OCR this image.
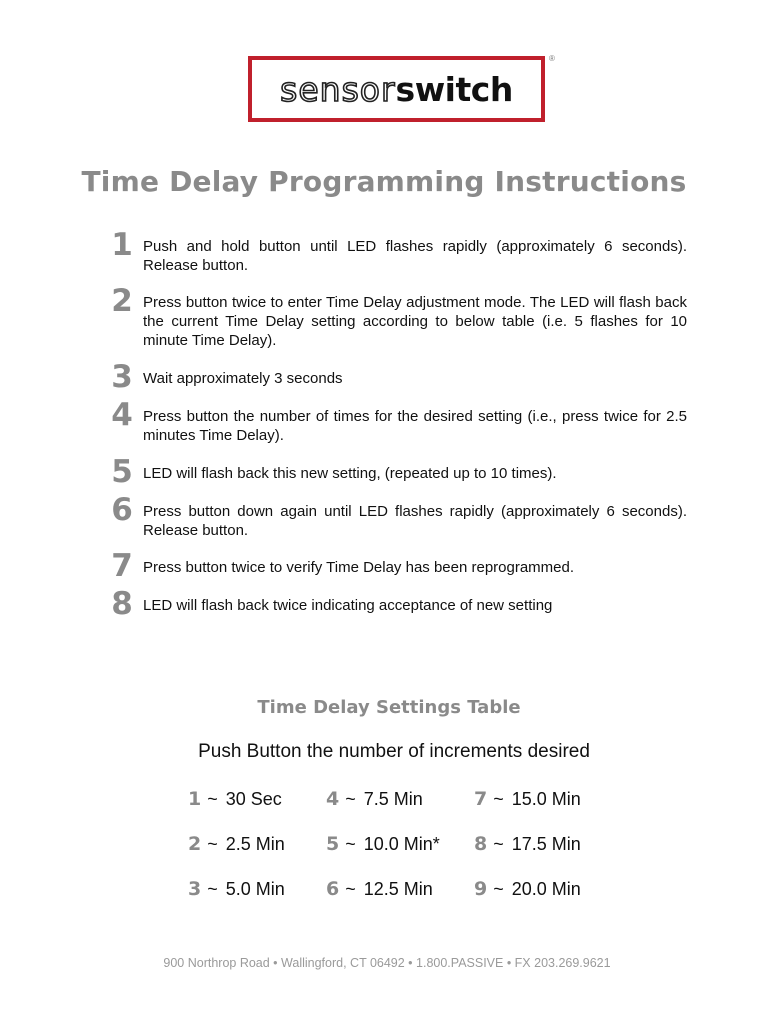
sensorswitch
®
Time Delay Programming Instructions
1 Push and hold button until LED flashes rapidly (approximately 6 seconds). Release button.
2 Press button twice to enter Time Delay adjustment mode. The LED will flash back the current Time Delay setting according to below table (i.e. 5 flashes for 10 minute Time Delay).
3 Wait approximately 3 seconds
4 Press button the number of times for the desired setting (i.e., press twice for 2.5 minutes Time Delay).
5 LED will flash back this new setting, (repeated up to 10 times).
6 Press button down again until LED flashes rapidly (approximately 6 seconds). Release button.
7 Press button twice to verify Time Delay has been reprogrammed.
8 LED will flash back twice indicating acceptance of new setting
Time Delay Settings Table
Push Button the number of increments desired
1 ~ 30 Sec
2 ~ 2.5 Min
3 ~ 5.0 Min
4 ~ 7.5 Min
5 ~ 10.0 Min*
6 ~ 12.5 Min
7 ~ 15.0 Min
8 ~ 17.5 Min
9 ~ 20.0 Min
900 Northrop Road • Wallingford, CT 06492 • 1.800.PASSIVE • FX 203.269.9621
